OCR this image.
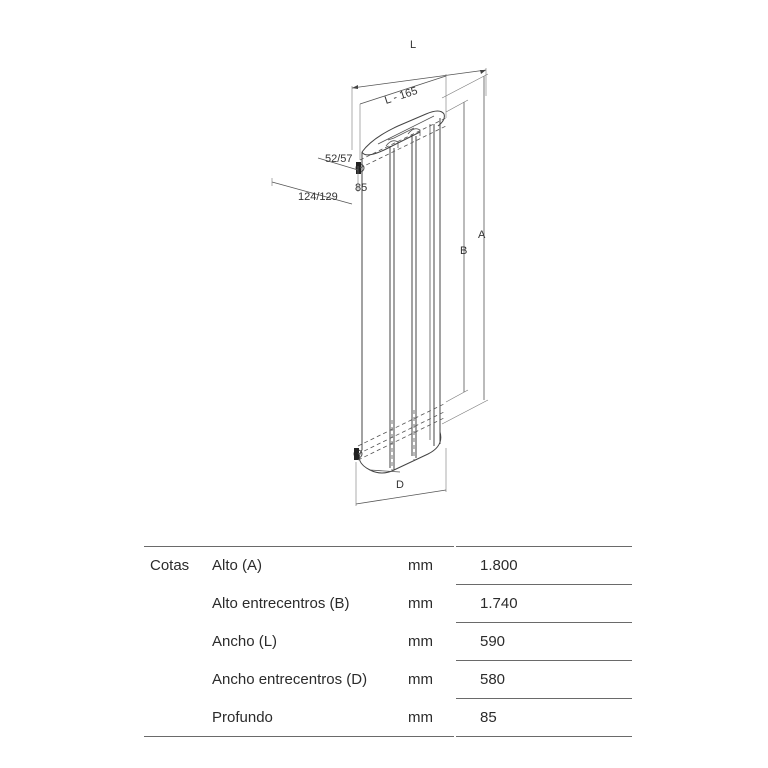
L
L - 165
52/57
124/129
85
B
A
D
Cotas Alto (A)	mm	1.800
Alto entrecentros (B)	mm	1.740
Ancho (L)	mm	590
Ancho entrecentros (D)	mm	580
Profundo	mm	85
